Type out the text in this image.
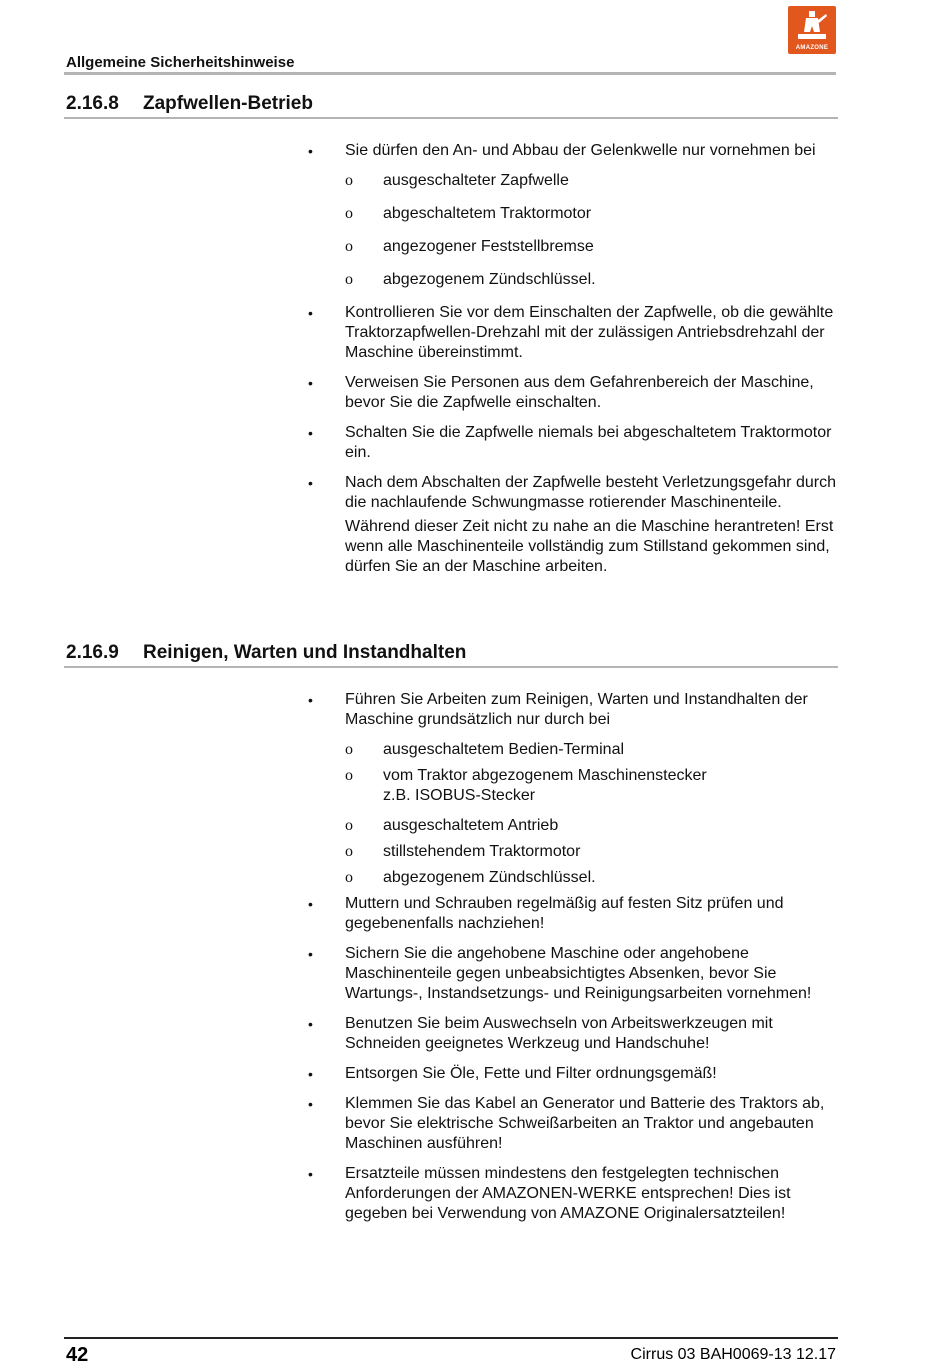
Allgemeine Sicherheitshinweise
AMAZONE
2.16.8 Zapfwellen-Betrieb
• Sie dürfen den An- und Abbau der Gelenkwelle nur vornehmen bei
o ausgeschalteter Zapfwelle
o abgeschaltetem Traktormotor
o angezogener Feststellbremse
o abgezogenem Zündschlüssel.
• Kontrollieren Sie vor dem Einschalten der Zapfwelle, ob die gewählte Traktorzapfwellen-Drehzahl mit der zulässigen Antriebsdrehzahl der Maschine übereinstimmt.
• Verweisen Sie Personen aus dem Gefahrenbereich der Maschine, bevor Sie die Zapfwelle einschalten.
• Schalten Sie die Zapfwelle niemals bei abgeschaltetem Traktormotor ein.
• Nach dem Abschalten der Zapfwelle besteht Verletzungsgefahr durch die nachlaufende Schwungmasse rotierender Maschinenteile.
Während dieser Zeit nicht zu nahe an die Maschine herantreten! Erst wenn alle Maschinenteile vollständig zum Stillstand gekommen sind, dürfen Sie an der Maschine arbeiten.
2.16.9 Reinigen, Warten und Instandhalten
• Führen Sie Arbeiten zum Reinigen, Warten und Instandhalten der Maschine grundsätzlich nur durch bei
o ausgeschaltetem Bedien-Terminal
o vom Traktor abgezogenem Maschinenstecker
z.B. ISOBUS-Stecker
o ausgeschaltetem Antrieb
o stillstehendem Traktormotor
o abgezogenem Zündschlüssel.
• Muttern und Schrauben regelmäßig auf festen Sitz prüfen und gegebenenfalls nachziehen!
• Sichern Sie die angehobene Maschine oder angehobene Maschinenteile gegen unbeabsichtigtes Absenken, bevor Sie Wartungs-, Instandsetzungs- und Reinigungsarbeiten vornehmen!
• Benutzen Sie beim Auswechseln von Arbeitswerkzeugen mit Schneiden geeignetes Werkzeug und Handschuhe!
• Entsorgen Sie Öle, Fette und Filter ordnungsgemäß!
• Klemmen Sie das Kabel an Generator und Batterie des Traktors ab, bevor Sie elektrische Schweißarbeiten an Traktor und angebauten Maschinen ausführen!
• Ersatzteile müssen mindestens den festgelegten technischen Anforderungen der AMAZONEN-WERKE entsprechen! Dies ist gegeben bei Verwendung von AMAZONE Originalersatzteilen!
42	Cirrus 03 BAH0069-13 12.17
